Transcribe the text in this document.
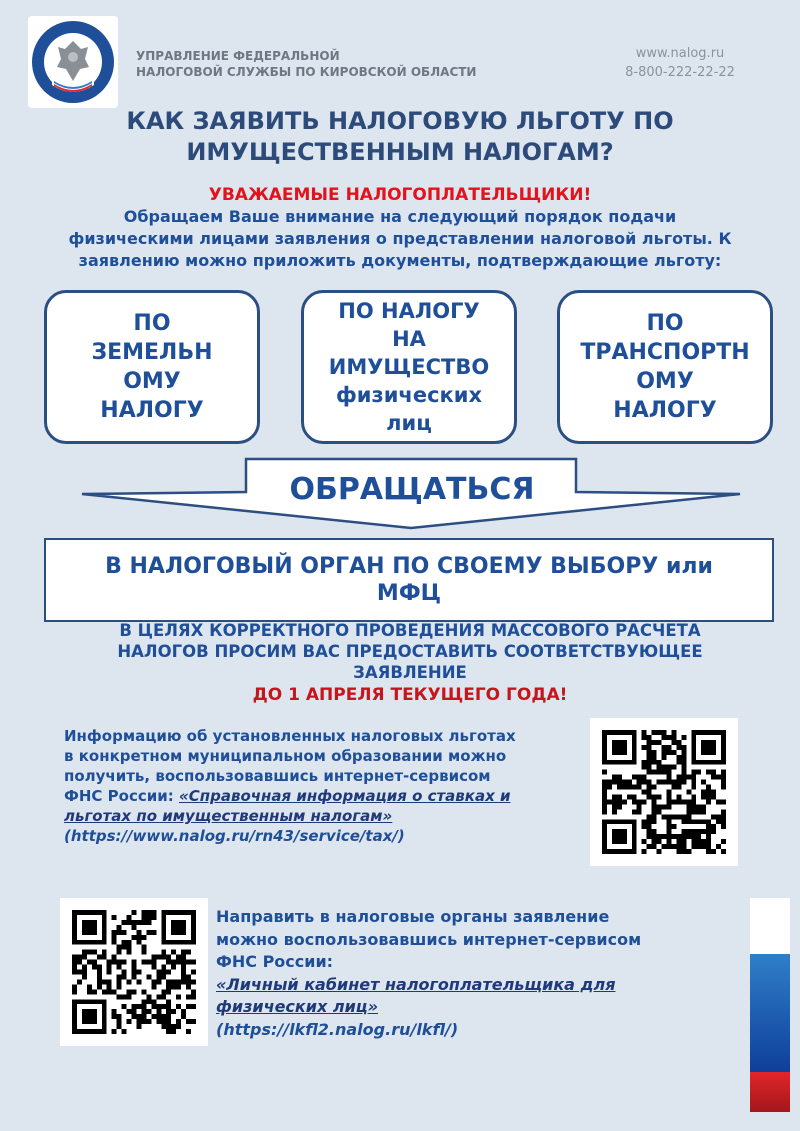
УПРАВЛЕНИЕ ФЕДЕРАЛЬНОЙ
НАЛОГОВОЙ СЛУЖБЫ ПО КИРОВСКОЙ ОБЛАСТИ
www.nalog.ru
8-800-222-22-22
КАК ЗАЯВИТЬ НАЛОГОВУЮ ЛЬГОТУ ПО
ИМУЩЕСТВЕННЫМ НАЛОГАМ?
УВАЖАЕМЫЕ НАЛОГОПЛАТЕЛЬЩИКИ!
Обращаем Ваше внимание на следующий порядок подачи
физическими лицами заявления о представлении налоговой льготы. К
заявлению можно приложить документы, подтверждающие льготу:
ПО
ЗЕМЕЛЬН
ОМУ
НАЛОГУ
ПО НАЛОГУ
НА
ИМУЩЕСТВО
физических
лиц
ПО
ТРАНСПОРТН
ОМУ
НАЛОГУ
ОБРАЩАТЬСЯ
В НАЛОГОВЫЙ ОРГАН ПО СВОЕМУ ВЫБОРУ или
МФЦ
В ЦЕЛЯХ КОРРЕКТНОГО ПРОВЕДЕНИЯ МАССОВОГО РАСЧЕТА
НАЛОГОВ ПРОСИМ ВАС ПРЕДОСТАВИТЬ СООТВЕТСТВУЮЩЕЕ
ЗАЯВЛЕНИЕ
ДО 1 АПРЕЛЯ ТЕКУЩЕГО ГОДА!
Информацию об установленных налоговых льготах
в конкретном муниципальном образовании можно
получить, воспользовавшись интернет-сервисом
ФНС России: «Справочная информация о ставках и
льготах по имущественным налогам»
(https://www.nalog.ru/rn43/service/tax/)
Направить в налоговые органы заявление
можно воспользовавшись интернет-сервисом
ФНС России:
«Личный кабинет налогоплательщика для
физических лиц»
(https://lkfl2.nalog.ru/lkfl/)
